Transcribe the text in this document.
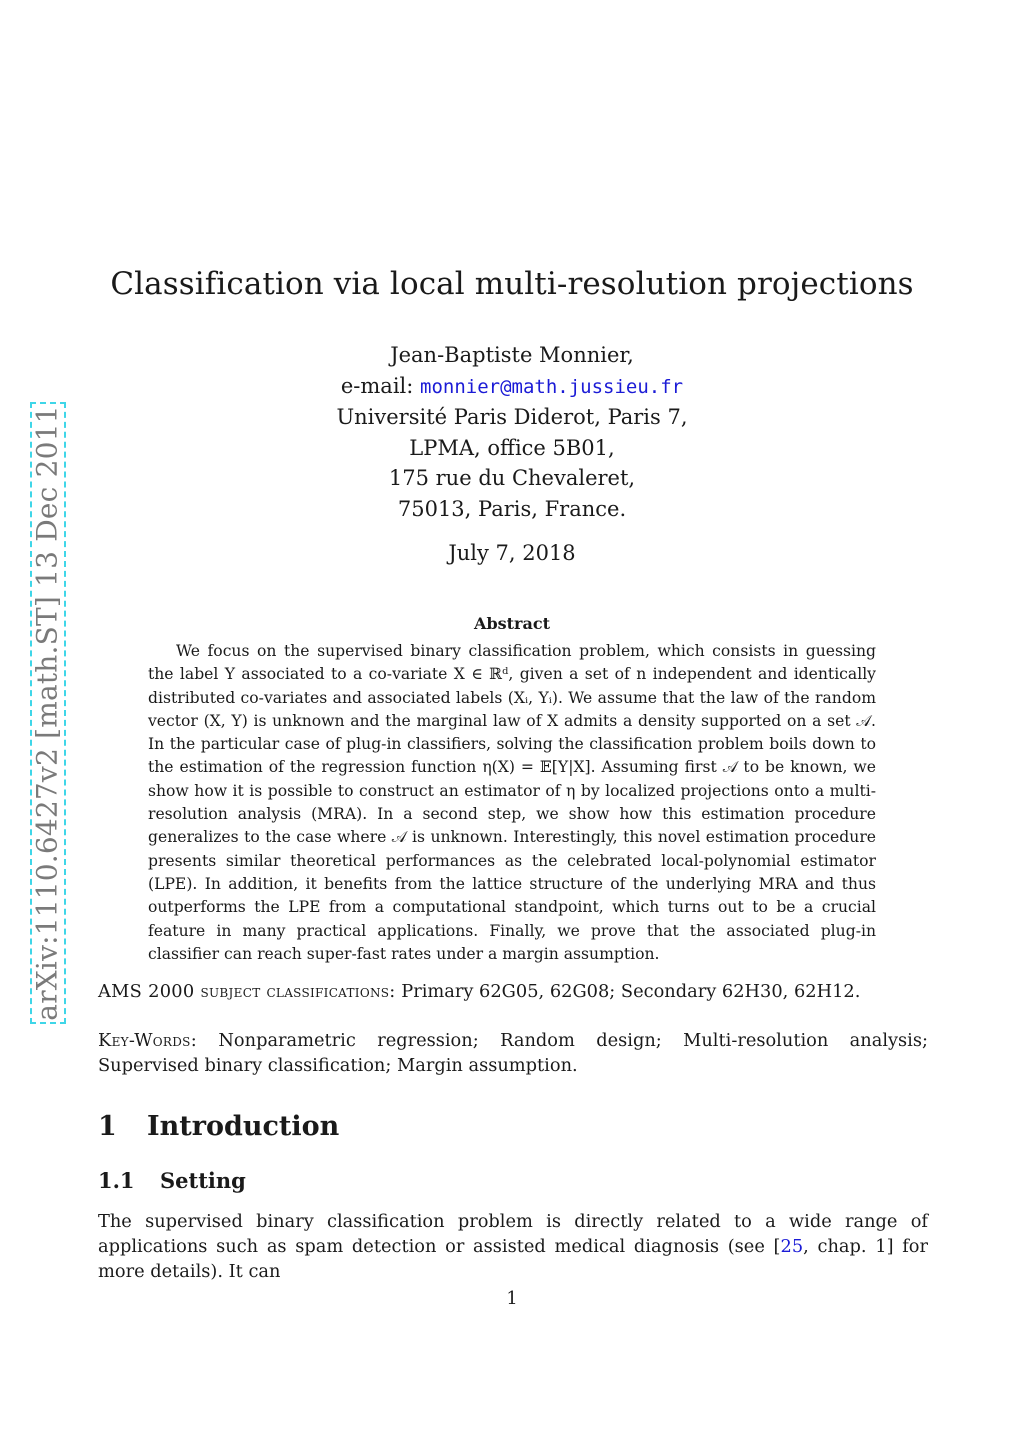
arXiv:1110.6427v2 [math.ST] 13 Dec 2011
Classification via local multi-resolution projections
Jean-Baptiste Monnier,
e-mail: monnier@math.jussieu.fr
Université Paris Diderot, Paris 7,
LPMA, office 5B01,
175 rue du Chevaleret,
75013, Paris, France.
July 7, 2018
Abstract

We focus on the supervised binary classification problem, which consists in guessing the label Y associated to a co-variate X ∈ ℝᵈ, given a set of n independent and identically distributed co-variates and associated labels (Xᵢ, Yᵢ). We assume that the law of the random vector (X, Y) is unknown and the marginal law of X admits a density supported on a set 𝒜. In the particular case of plug-in classifiers, solving the classification problem boils down to the estimation of the regression function η(X) = 𝔼[Y|X]. Assuming first 𝒜 to be known, we show how it is possible to construct an estimator of η by localized projections onto a multi-resolution analysis (MRA). In a second step, we show how this estimation procedure generalizes to the case where 𝒜 is unknown. Interestingly, this novel estimation procedure presents similar theoretical performances as the celebrated local-polynomial estimator (LPE). In addition, it benefits from the lattice structure of the underlying MRA and thus outperforms the LPE from a computational standpoint, which turns out to be a crucial feature in many practical applications. Finally, we prove that the associated plug-in classifier can reach super-fast rates under a margin assumption.

AMS 2000 subject classifications: Primary 62G05, 62G08; Secondary 62H30, 62H12.

Key-Words: Nonparametric regression; Random design; Multi-resolution analysis; Supervised binary classification; Margin assumption.

1 Introduction
1.1 Setting

The supervised binary classification problem is directly related to a wide range of applications such as spam detection or assisted medical diagnosis (see [25, chap. 1] for more details). It can

1
